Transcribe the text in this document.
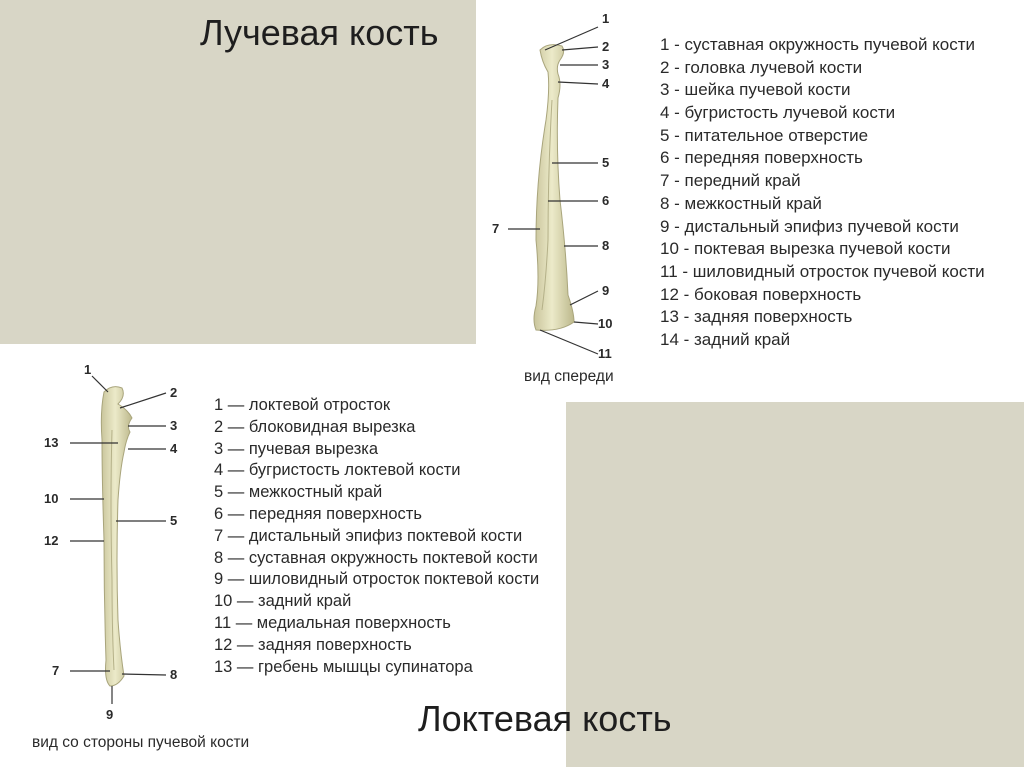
Лучевая кость
Локтевая кость
1
2
3
4
5
6
7
8
9
10
11
1
2
3
13	4
10
5
12
7	8
9
1 - суставная окружность пучевой кости
2 - головка лучевой кости
3 - шейка пучевой кости
4 - бугристость лучевой кости
5 - питательное отверстие
6 - передняя поверхность
7 - передний край
8 - межкостный край
9 - дистальный эпифиз пучевой кости
10 - поктевая вырезка пучевой кости
11 - шиловидный отросток пучевой кости
12 - боковая поверхность
13 - задняя поверхность
14 - задний край
1 — локтевой отросток
2 — блоковидная вырезка
3 — пучевая вырезка
4 — бугристость локтевой кости
5 — межкостный край
6 — передняя поверхность
7 — дистальный эпифиз поктевой кости
8 — суставная окружность поктевой кости
9 — шиловидный отросток поктевой кости
10 — задний край
11 — медиальная поверхность
12 — задняя поверхность
13 — гребень мышцы супинатора
вид спереди
вид со стороны пучевой кости
